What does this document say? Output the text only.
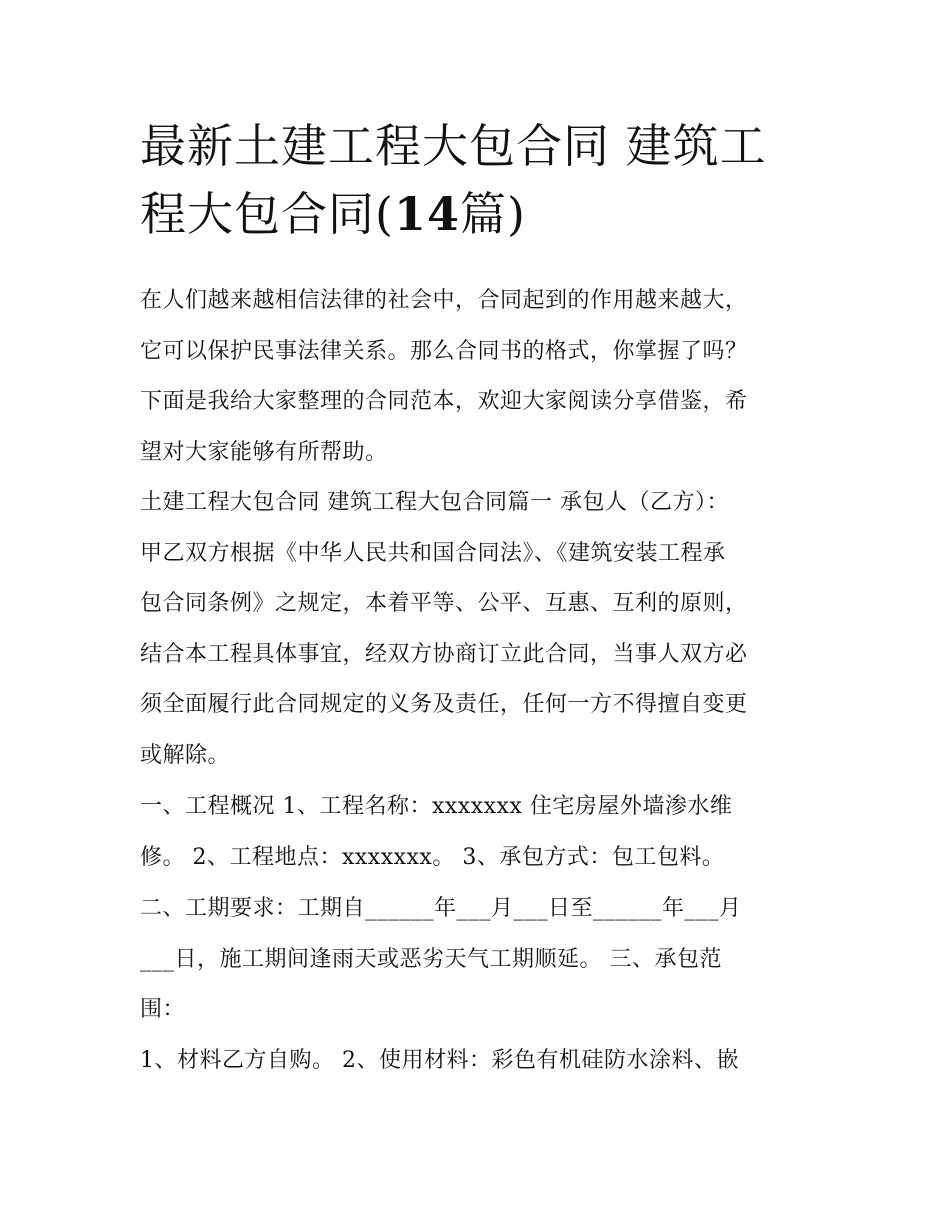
最新土建工程大包合同 建筑工
程大包合同(14篇)
在人们越来越相信法律的社会中，合同起到的作用越来越大，
它可以保护民事法律关系。那么合同书的格式，你掌握了吗？
下面是我给大家整理的合同范本，欢迎大家阅读分享借鉴，希
望对大家能够有所帮助。
土建工程大包合同 建筑工程大包合同篇一 承包人（乙方）：
甲乙双方根据《中华人民共和国合同法》、《建筑安装工程承
包合同条例》之规定，本着平等、公平、互惠、互利的原则，
结合本工程具体事宜，经双方协商订立此合同，当事人双方必
须全面履行此合同规定的义务及责任，任何一方不得擅自变更
或解除。
一、工程概况 1、工程名称：xxxxxxx 住宅房屋外墙渗水维
修。 2、工程地点：xxxxxxx。 3、承包方式：包工包料。
二、工期要求：工期自______年___月___日至______年___月
___日，施工期间逢雨天或恶劣天气工期顺延。 三、承包范
围：
1、材料乙方自购。 2、使用材料：彩色有机硅防水涂料、嵌
